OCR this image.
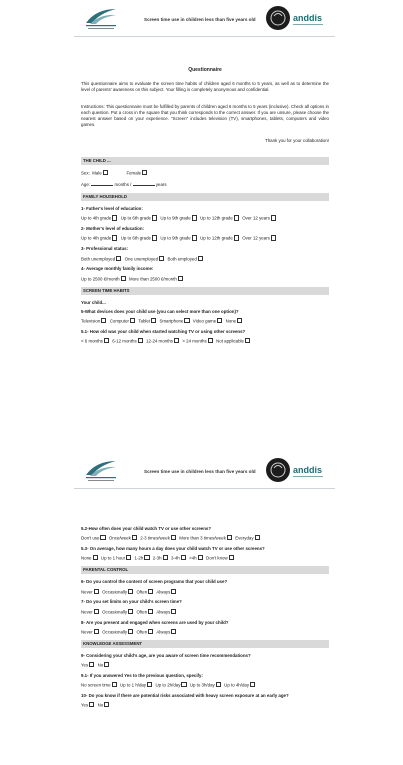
Screen time use in children less than five years old	anddis
Questionnaire

This questionnaire aims to evaluate the screen time habits of children aged 6 months to 5 years, as well as to determine the level of parents' awareness on this subject. Your filling is completely anonymous and confidential.

Instructions: This questionnaire must be fulfilled by parents of children aged 6 months to 5 years (inclusive). Check all options in each question. Put a cross in the square that you think corresponds to the correct answer. If you are unsure, please choose the nearest answer based on your experience. "Screen" includes television (TV), smartphones, tablets, computers and video games.

Thank you for your collaboration!
THE CHILD ...
Sex: Male	Female
Age:	months /	years
FAMILY HOUSEHOLD
1- Father's level of education:
Up to 4th grade Up to 6th grade Up to 9th grade Up to 12th grade Over 12 years
2- Mother's level of education:
Up to 4th grade Up to 6th grade Up to 9th grade Up to 12th grade Over 12 years
3- Professional status:
Both unemployed One unemployed Both employed
4- Average monthly family income:
Up to 2500 €/month More than 2500 €/month
SCREEN TIME HABITS
Your child...
5-What devices does your child use (you can select more than one option)?
Television Computer Tablet Smartphone Video game None
5.1- How old was your child when started watching TV or using other screens?
< 6 months 6-12 months 12-24 months > 24 months Not applicable
Screen time use in children less than five years old	anddis
5.2-How often does your child watch TV or use other screens?
Don't use Once/week 2-3 times/week More than 3 times/week Everyday
5.3- On average, how many hours a day does your child watch TV or use other screens?
None Up to 1 hour 1-2h 2-3h 3-4h >4h Don't know
PARENTAL CONTROL
6- Do you control the content of screen programs that your child use?
Never Occasionally Often Always
7- Do you set limits on your child's screen time?
Never Occasionally Often Always
8- Are you present and engaged when screens are used by your child?
Never Occasionally Often Always
KNOWLEDGE ASSESSMENT
9- Considering your child's age, are you aware of screen time recommendations?
Yes No
9.1- If you answered Yes to the previous question, specify:
No screen time Up to 1 h/day Up to 2h/day Up to 3h/day Up to 4h/day
10- Do you know if there are potential risks associated with heavy screen exposure at an early age?
Yes No
